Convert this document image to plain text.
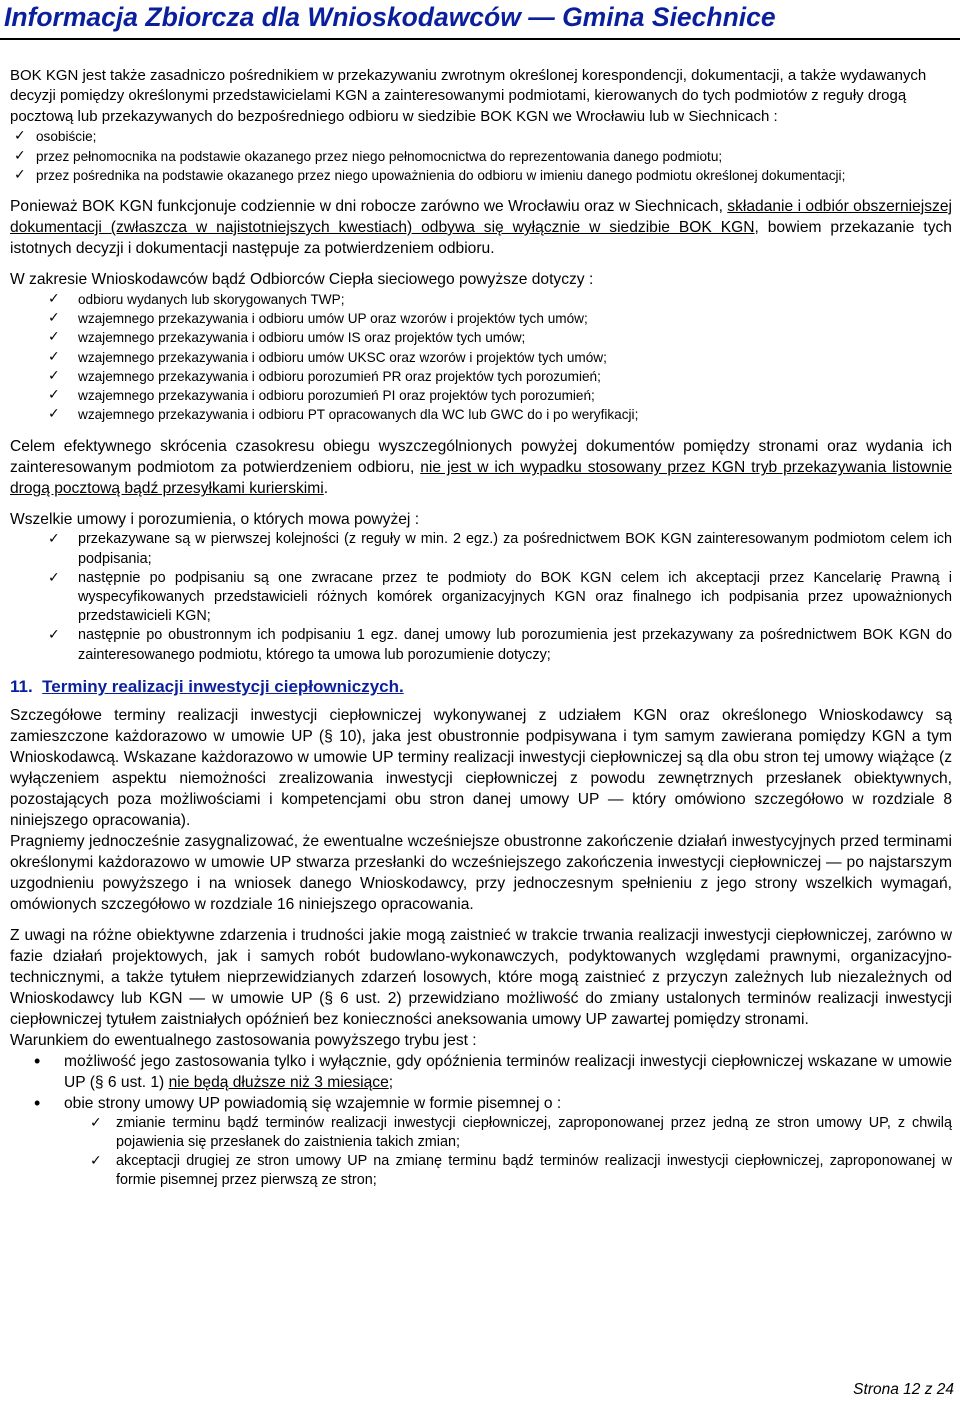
Informacja Zbiorcza dla Wnioskodawców — Gmina Siechnice

BOK KGN jest także zasadniczo pośrednikiem w przekazywaniu zwrotnym określonej korespondencji, dokumentacji, a także wydawanych decyzji pomiędzy określonymi przedstawicielami KGN a zainteresowanymi podmiotami, kierowanych do tych podmiotów z reguły drogą pocztową lub przekazywanych do bezpośredniego odbioru w siedzibie BOK KGN we Wrocławiu lub w Siechnicach :

✓ osobiście;
✓ przez pełnomocnika na podstawie okazanego przez niego pełnomocnictwa do reprezentowania danego podmiotu;
✓ przez pośrednika na podstawie okazanego przez niego upoważnienia do odbioru w imieniu danego podmiotu określonej dokumentacji;

Ponieważ BOK KGN funkcjonuje codziennie w dni robocze zarówno we Wrocławiu oraz w Siechnicach, składanie i odbiór obszerniejszej dokumentacji (zwłaszcza w najistotniejszych kwestiach) odbywa się wyłącznie w siedzibie BOK KGN, bowiem przekazanie tych istotnych decyzji i dokumentacji następuje za potwierdzeniem odbioru.

W zakresie Wnioskodawców bądź Odbiorców Ciepła sieciowego powyższe dotyczy :

✓ odbioru wydanych lub skorygowanych TWP;
✓ wzajemnego przekazywania i odbioru umów UP oraz wzorów i projektów tych umów;
✓ wzajemnego przekazywania i odbioru umów IS oraz projektów tych umów;
✓ wzajemnego przekazywania i odbioru umów UKSC oraz wzorów i projektów tych umów;
✓ wzajemnego przekazywania i odbioru porozumień PR oraz projektów tych porozumień;
✓ wzajemnego przekazywania i odbioru porozumień PI oraz projektów tych porozumień;
✓ wzajemnego przekazywania i odbioru PT opracowanych dla WC lub GWC do i po weryfikacji;

Celem efektywnego skrócenia czasokresu obiegu wyszczególnionych powyżej dokumentów pomiędzy stronami oraz wydania ich zainteresowanym podmiotom za potwierdzeniem odbioru, nie jest w ich wypadku stosowany przez KGN tryb przekazywania listownie drogą pocztową bądź przesyłkami kurierskimi.

Wszelkie umowy i porozumienia, o których mowa powyżej :

✓ przekazywane są w pierwszej kolejności (z reguły w min. 2 egz.) za pośrednictwem BOK KGN zainteresowanym podmiotom celem ich podpisania;
✓ następnie po podpisaniu są one zwracane przez te podmioty do BOK KGN celem ich akceptacji przez Kancelarię Prawną i wyspecyfikowanych przedstawicieli różnych komórek organizacyjnych KGN oraz finalnego ich podpisania przez upoważnionych przedstawicieli KGN;
✓ następnie po obustronnym ich podpisaniu 1 egz. danej umowy lub porozumienia jest przekazywany za pośrednictwem BOK KGN do zainteresowanego podmiotu, którego ta umowa lub porozumienie dotyczy;
11. Terminy realizacji inwestycji ciepłowniczych.

Szczegółowe terminy realizacji inwestycji ciepłowniczej wykonywanej z udziałem KGN oraz określonego Wnioskodawcy są zamieszczone każdorazowo w umowie UP (§ 10), jaka jest obustronnie podpisywana i tym samym zawierana pomiędzy KGN a tym Wnioskodawcą. Wskazane każdorazowo w umowie UP terminy realizacji inwestycji ciepłowniczej są dla obu stron tej umowy wiążące (z wyłączeniem aspektu niemożności zrealizowania inwestycji ciepłowniczej z powodu zewnętrznych przesłanek obiektywnych, pozostających poza możliwościami i kompetencjami obu stron danej umowy UP — który omówiono szczegółowo w rozdziale 8 niniejszego opracowania).

Pragniemy jednocześnie zasygnalizować, że ewentualne wcześniejsze obustronne zakończenie działań inwestycyjnych przed terminami określonymi każdorazowo w umowie UP stwarza przesłanki do wcześniejszego zakończenia inwestycji ciepłowniczej — po najstarszym uzgodnieniu powyższego i na wniosek danego Wnioskodawcy, przy jednoczesnym spełnieniu z jego strony wszelkich wymagań, omówionych szczegółowo w rozdziale 16 niniejszego opracowania.

Z uwagi na różne obiektywne zdarzenia i trudności jakie mogą zaistnieć w trakcie trwania realizacji inwestycji ciepłowniczej, zarówno w fazie działań projektowych, jak i samych robót budowlano-wykonawczych, podyktowanych względami prawnymi, organizacyjno-technicznymi, a także tytułem nieprzewidzianych zdarzeń losowych, które mogą zaistnieć z przyczyn zależnych lub niezależnych od Wnioskodawcy lub KGN — w umowie UP (§ 6 ust. 2) przewidziano możliwość do zmiany ustalonych terminów realizacji inwestycji ciepłowniczej tytułem zaistniałych opóźnień bez konieczności aneksowania umowy UP zawartej pomiędzy stronami.

Warunkiem do ewentualnego zastosowania powyższego trybu jest :

• możliwość jego zastosowania tylko i wyłącznie, gdy opóźnienia terminów realizacji inwestycji ciepłowniczej wskazane w umowie UP (§ 6 ust. 1) nie będą dłuższe niż 3 miesiące;
• obie strony umowy UP powiadomią się wzajemnie w formie pisemnej o :
✓ zmianie terminu bądź terminów realizacji inwestycji ciepłowniczej, zaproponowanej przez jedną ze stron umowy UP, z chwilą pojawienia się przesłanek do zaistnienia takich zmian;
✓ akceptacji drugiej ze stron umowy UP na zmianę terminu bądź terminów realizacji inwestycji ciepłowniczej, zaproponowanej w formie pisemnej przez pierwszą ze stron;
Strona 12 z 24
